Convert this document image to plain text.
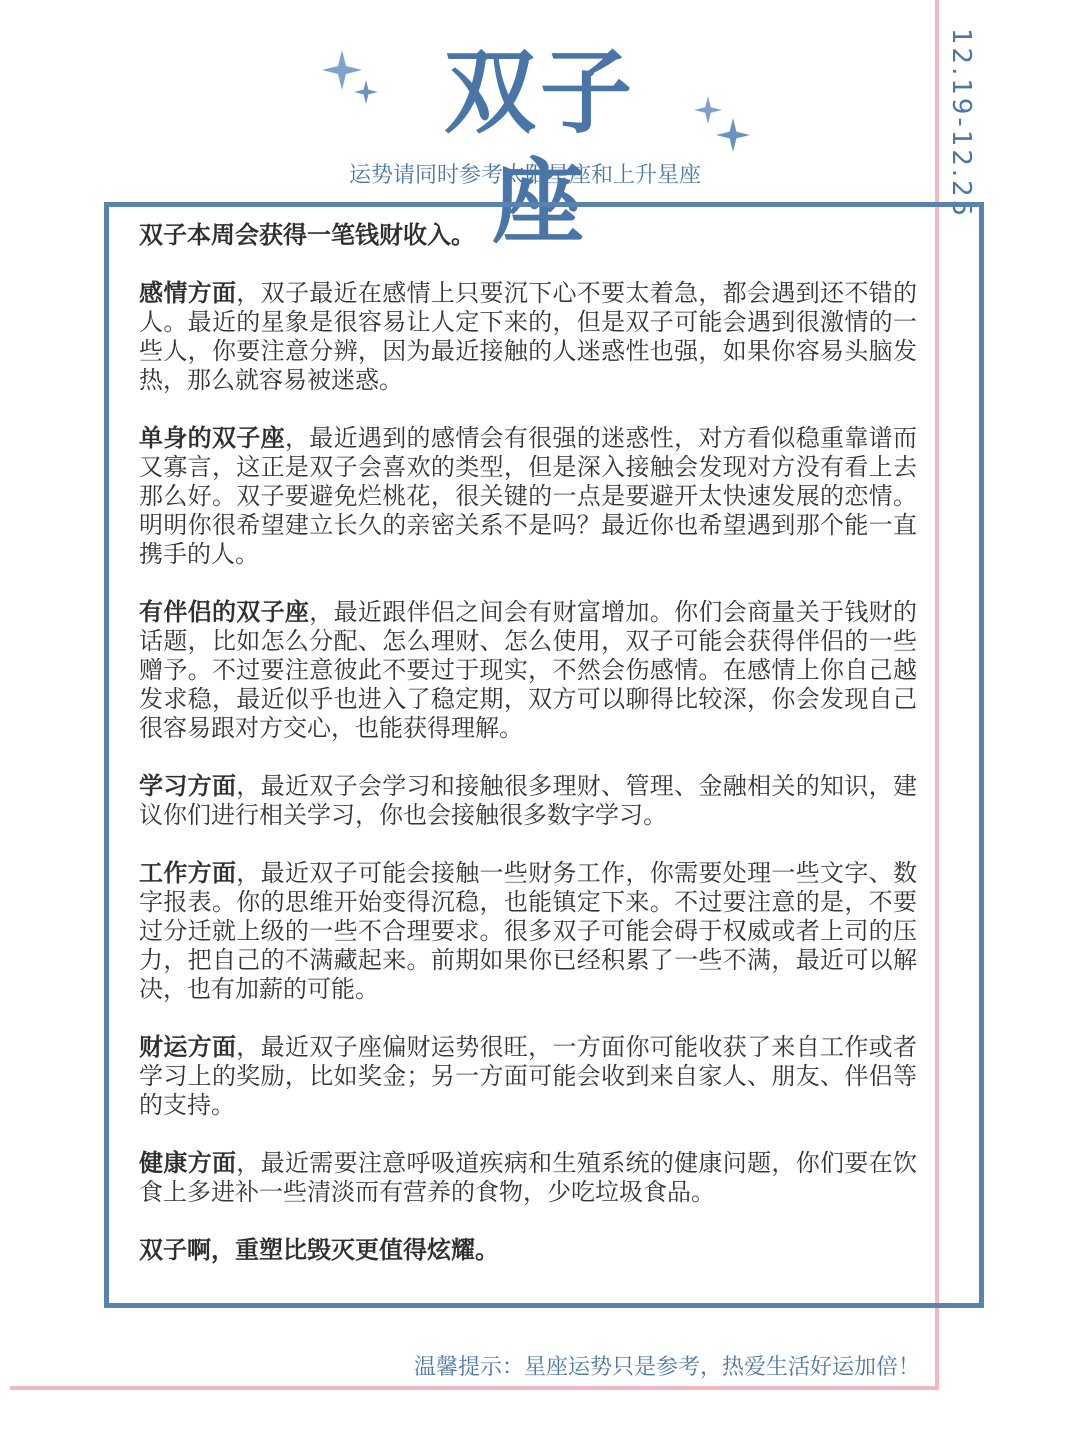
双子座
运势请同时参考太阳星座和上升星座	12.19-12.25

双子本周会获得一笔钱财收入。

感情方面，双子最近在感情上只要沉下心不要太着急，都会遇到还不错的人。最近的星象是很容易让人定下来的，但是双子可能会遇到很激情的一些人，你要注意分辨，因为最近接触的人迷惑性也强，如果你容易头脑发热，那么就容易被迷惑。

单身的双子座，最近遇到的感情会有很强的迷惑性，对方看似稳重靠谱而又寡言，这正是双子会喜欢的类型，但是深入接触会发现对方没有看上去那么好。双子要避免烂桃花，很关键的一点是要避开太快速发展的恋情。明明你很希望建立长久的亲密关系不是吗？最近你也希望遇到那个能一直携手的人。

有伴侣的双子座，最近跟伴侣之间会有财富增加。你们会商量关于钱财的话题，比如怎么分配、怎么理财、怎么使用，双子可能会获得伴侣的一些赠予。不过要注意彼此不要过于现实，不然会伤感情。在感情上你自己越发求稳，最近似乎也进入了稳定期，双方可以聊得比较深，你会发现自己很容易跟对方交心，也能获得理解。

学习方面，最近双子会学习和接触很多理财、管理、金融相关的知识，建议你们进行相关学习，你也会接触很多数字学习。

工作方面，最近双子可能会接触一些财务工作，你需要处理一些文字、数字报表。你的思维开始变得沉稳，也能镇定下来。不过要注意的是，不要过分迁就上级的一些不合理要求。很多双子可能会碍于权威或者上司的压力，把自己的不满藏起来。前期如果你已经积累了一些不满，最近可以解决，也有加薪的可能。

财运方面，最近双子座偏财运势很旺，一方面你可能收获了来自工作或者学习上的奖励，比如奖金；另一方面可能会收到来自家人、朋友、伴侣等的支持。

健康方面，最近需要注意呼吸道疾病和生殖系统的健康问题，你们要在饮食上多进补一些清淡而有营养的食物，少吃垃圾食品。

双子啊，重塑比毁灭更值得炫耀。

温馨提示：星座运势只是参考，热爱生活好运加倍！
